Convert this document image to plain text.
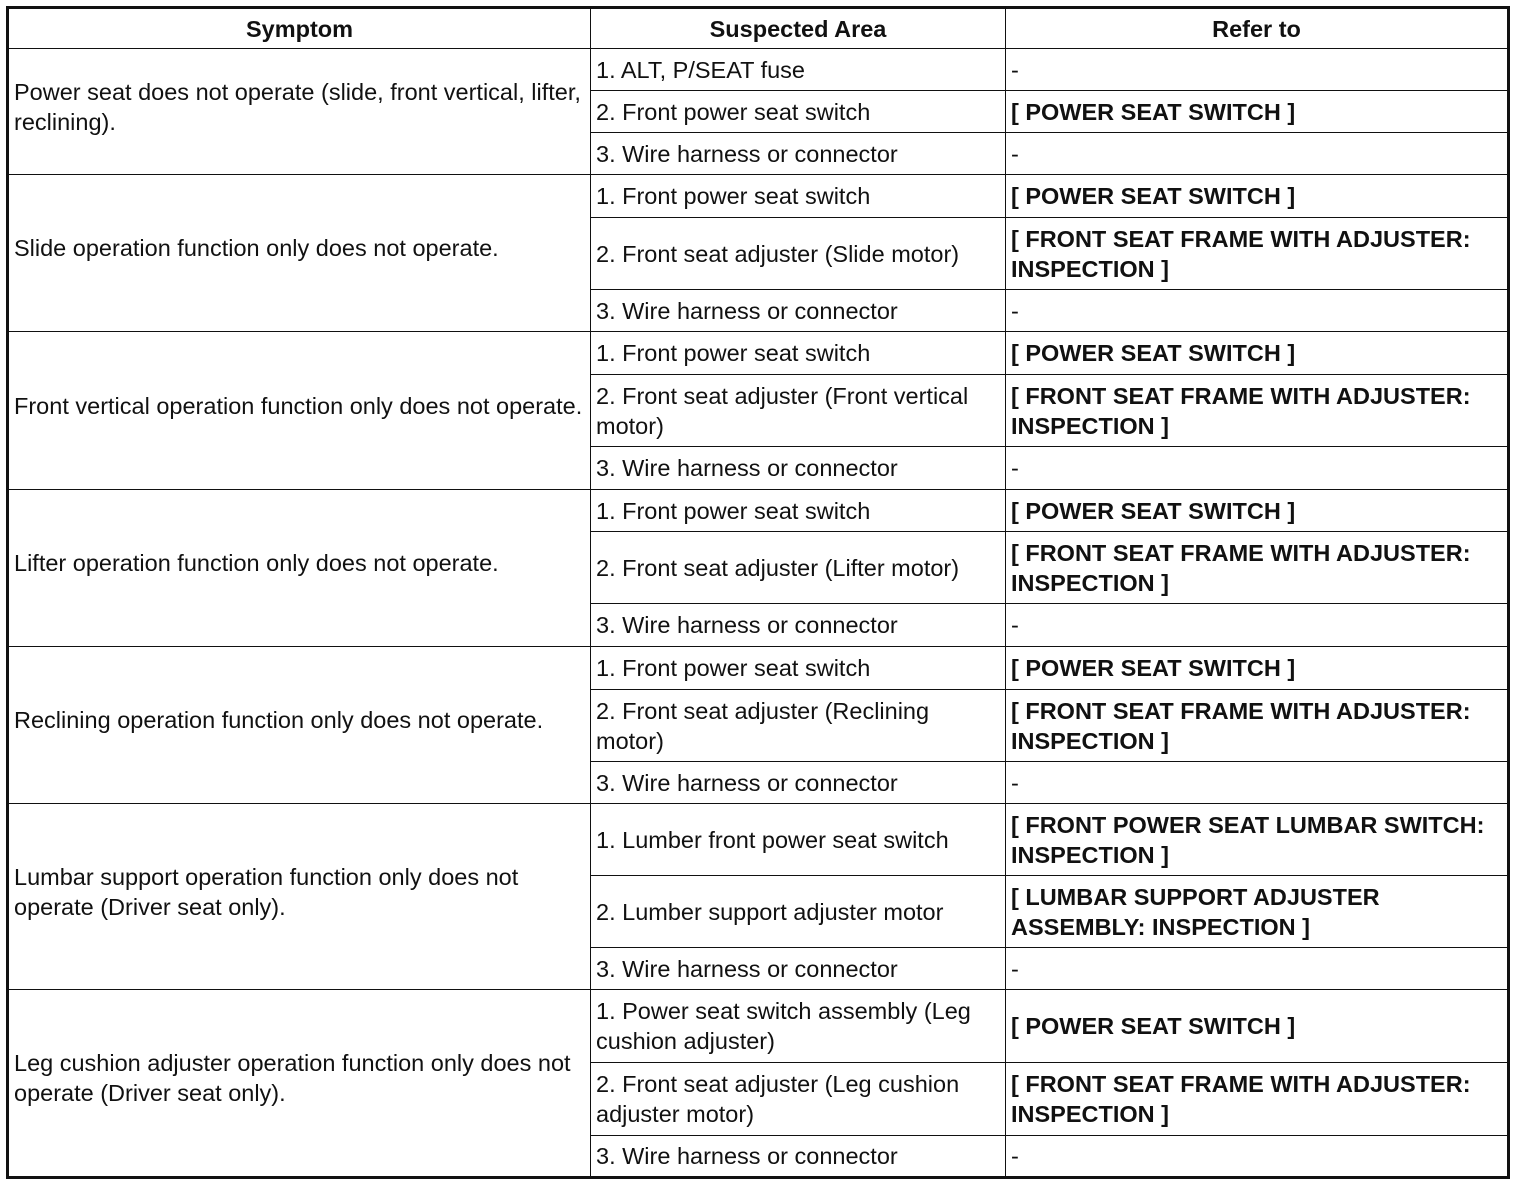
Symptom	Suspected Area	Refer to
Power seat does not operate (slide, front vertical, lifter, reclining).	1. ALT, P/SEAT fuse	-
	2. Front power seat switch	[ POWER SEAT SWITCH ]
	3. Wire harness or connector	-
Slide operation function only does not operate.	1. Front power seat switch	[ POWER SEAT SWITCH ]
	2. Front seat adjuster (Slide motor)	[ FRONT SEAT FRAME WITH ADJUSTER: INSPECTION ]
	3. Wire harness or connector	-
Front vertical operation function only does not operate.	1. Front power seat switch	[ POWER SEAT SWITCH ]
	2. Front seat adjuster (Front vertical motor)	[ FRONT SEAT FRAME WITH ADJUSTER: INSPECTION ]
	3. Wire harness or connector	-
Lifter operation function only does not operate.	1. Front power seat switch	[ POWER SEAT SWITCH ]
	2. Front seat adjuster (Lifter motor)	[ FRONT SEAT FRAME WITH ADJUSTER: INSPECTION ]
	3. Wire harness or connector	-
Reclining operation function only does not operate.	1. Front power seat switch	[ POWER SEAT SWITCH ]
	2. Front seat adjuster (Reclining motor)	[ FRONT SEAT FRAME WITH ADJUSTER: INSPECTION ]
	3. Wire harness or connector	-
Lumbar support operation function only does not operate (Driver seat only).	1. Lumber front power seat switch	[ FRONT POWER SEAT LUMBAR SWITCH: INSPECTION ]
	2. Lumber support adjuster motor	[ LUMBAR SUPPORT ADJUSTER ASSEMBLY: INSPECTION ]
	3. Wire harness or connector	-
Leg cushion adjuster operation function only does not operate (Driver seat only).	1. Power seat switch assembly (Leg cushion adjuster)	[ POWER SEAT SWITCH ]
	2. Front seat adjuster (Leg cushion adjuster motor)	[ FRONT SEAT FRAME WITH ADJUSTER: INSPECTION ]
	3. Wire harness or connector	-
